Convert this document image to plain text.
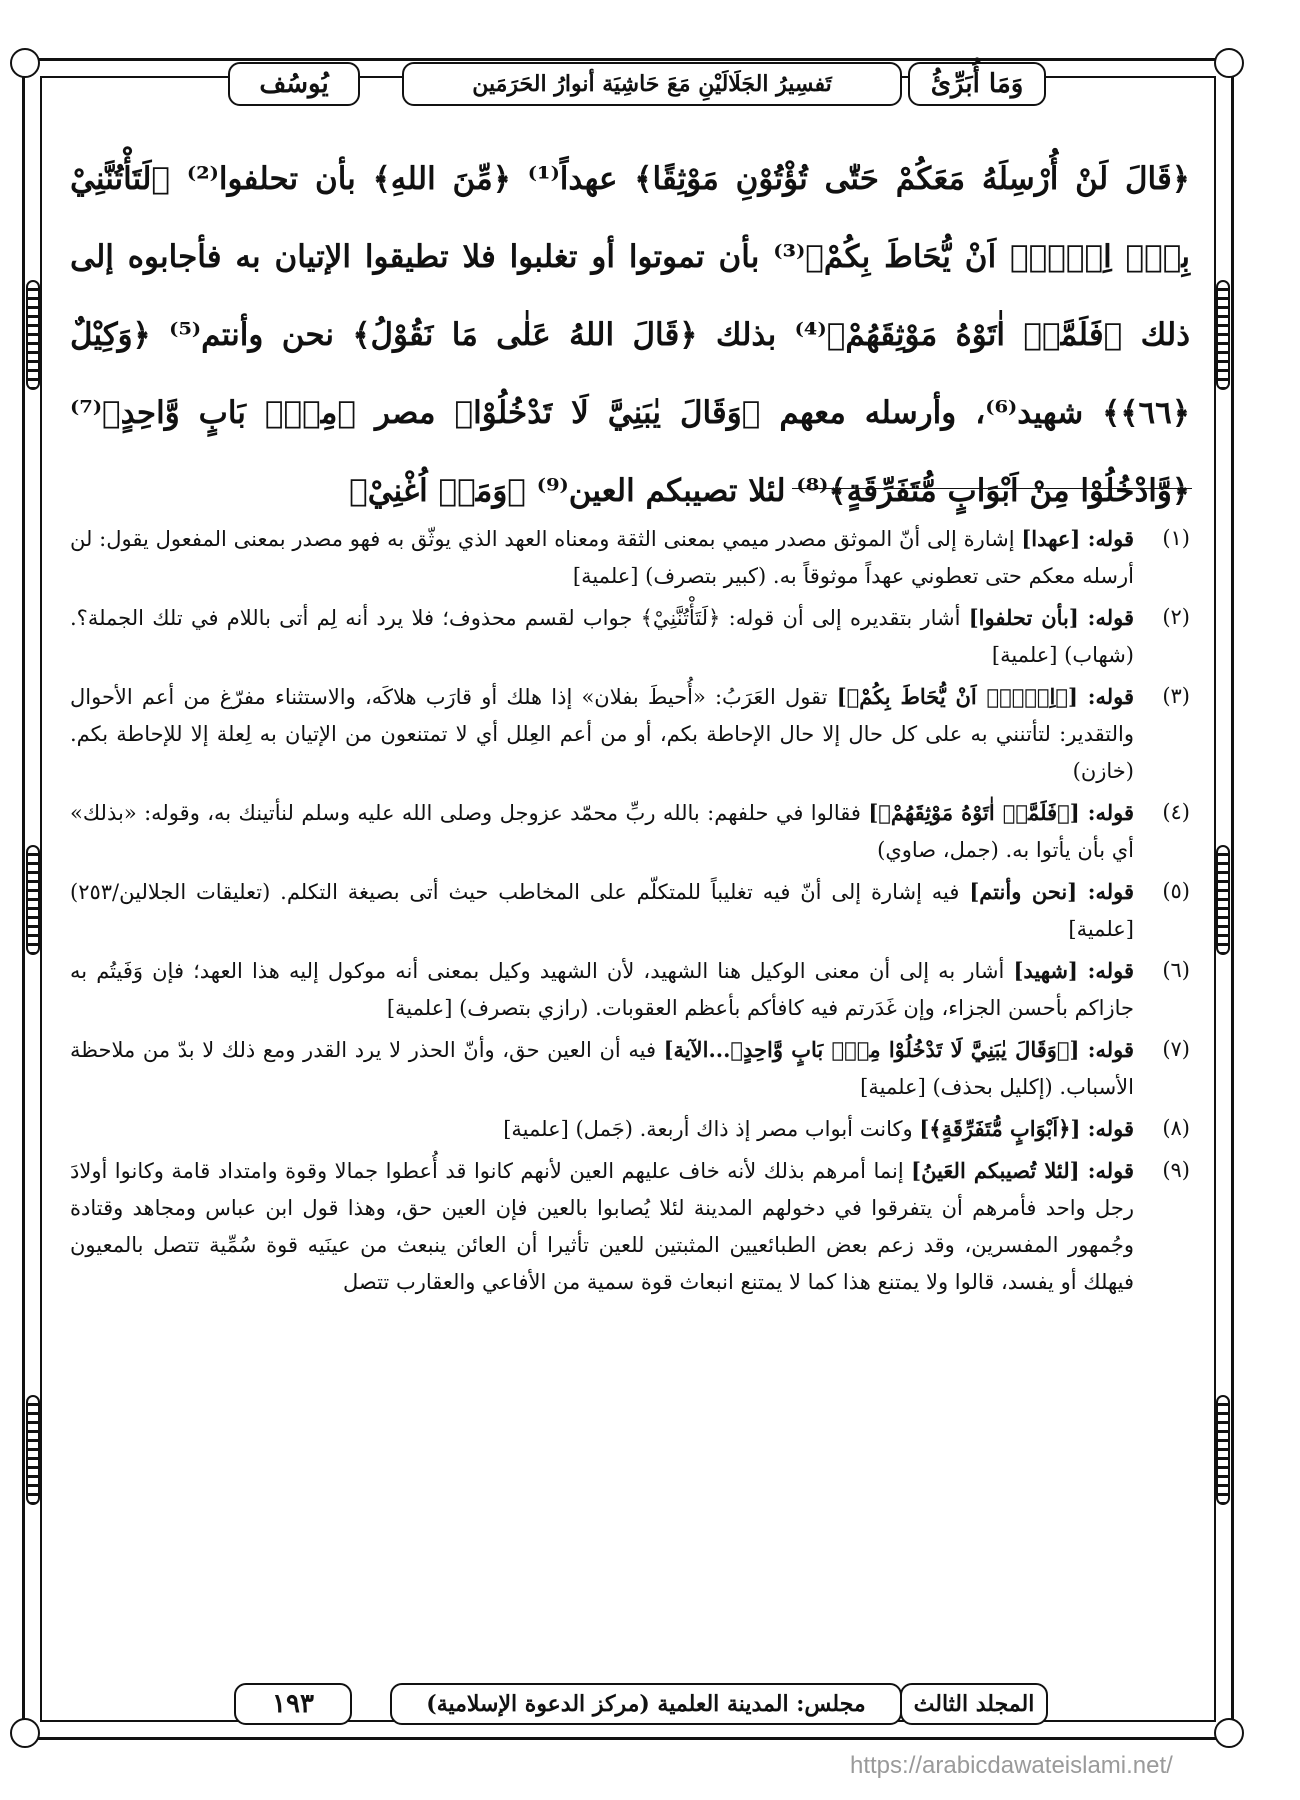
يُوسُف	تَفسِيرُ الجَلَالَيْنِ مَعَ حَاشِيَة أنوارُ الحَرَمَين	وَمَا أُبَرِّئُ
﴿قَالَ لَنْ أُرْسِلَهُ مَعَكُمْ حَتّٰى تُؤْتُوْنِ مَوْثِقًا﴾ عهداً⁽¹⁾ ﴿مِّنَ اللهِ﴾ بأن تحلفوا⁽²⁾ ﴿لَتَأْتُنَّنِيْ بِهٖۤ اِلَّاۤ اَنْ يُّحَاطَ بِكُمْ﴾⁽³⁾ بأن تموتوا أو تغلبوا فلا تطيقوا الإتيان به فأجابوه إلى ذلك ﴿فَلَمَّاۤ اٰتَوْهُ مَوْثِقَهُمْ﴾⁽⁴⁾ بذلك ﴿قَالَ اللهُ عَلٰى مَا نَقُوْلُ﴾ نحن وأنتم⁽⁵⁾ ﴿وَكِيْلٌ ﴿٦٦﴾﴾ شهيد⁽⁶⁾، وأرسله معهم ﴿وَقَالَ يٰبَنِيَّ لَا تَدْخُلُوْا﴾ مصر ﴿مِنْۢ بَابٍ وَّاحِدٍ﴾⁽⁷⁾ ﴿وَّادْخُلُوْا مِنْ اَبْوَابٍ مُّتَفَرِّقَةٍ﴾⁽⁸⁾ لئلا تصيبكم العين⁽⁹⁾ ﴿وَمَاۤ اُغْنِيْ﴾
(١)
قوله: [عهدا] إشارة إلى أنّ الموثق مصدر ميمي بمعنى الثقة ومعناه العهد الذي يوثّق به فهو مصدر بمعنى المفعول يقول: لن أرسله معكم حتى تعطوني عهداً موثوقاً به. (كبير بتصرف) [علمية]
(٢)
قوله: [بأن تحلفوا] أشار بتقديره إلى أن قوله: ﴿لَتَأْتُنَّنِيْ﴾ جواب لقسم محذوف؛ فلا يرد أنه لِم أتى باللام في تلك الجملة؟. (شهاب) [علمية]
(٣)
قوله: [﴿اِلَّاۤ اَنْ يُّحَاطَ بِكُمْ﴾] تقول العَرَبُ: «أُحيطَ بفلان» إذا هلك أو قارَب هلاكَه، والاستثناء مفرّغ من أعم الأحوال والتقدير: لتأتنني به على كل حال إلا حال الإحاطة بكم، أو من أعم العِلل أي لا تمتنعون من الإتيان به لِعلة إلا للإحاطة بكم. (خازن)
(٤)
قوله: [﴿فَلَمَّاۤ اٰتَوْهُ مَوْثِقَهُمْ﴾] فقالوا في حلفهم: بالله ربِّ محمّد عزوجل وصلى الله عليه وسلم لنأتينك به، وقوله: «بذلك» أي بأن يأتوا به. (جمل، صاوي)
(٥)
قوله: [نحن وأنتم] فيه إشارة إلى أنّ فيه تغليباً للمتكلّم على المخاطب حيث أتى بصيغة التكلم. (تعليقات الجلالين/٢٥٣) [علمية]
(٦)
قوله: [شهيد] أشار به إلى أن معنى الوكيل هنا الشهيد، لأن الشهيد وكيل بمعنى أنه موكول إليه هذا العهد؛ فإن وَفَيتُم به جازاكم بأحسن الجزاء، وإن غَدَرتم فيه كافأكم بأعظم العقوبات. (رازي بتصرف) [علمية]
(٧)
قوله: [﴿وَقَالَ يٰبَنِيَّ لَا تَدْخُلُوْا مِنْۢ بَابٍ وَّاحِدٍ﴾...الآية] فيه أن العين حق، وأنّ الحذر لا يرد القدر ومع ذلك لا بدّ من ملاحظة الأسباب. (إكليل بحذف) [علمية]
(٨)
قوله: [﴿اَبْوَابٍ مُّتَفَرِّقَةٍ﴾] وكانت أبواب مصر إذ ذاك أربعة. (جَمل) [علمية]
(٩)
قوله: [لئلا تُصيبكم العَينُ] إنما أمرهم بذلك لأنه خاف عليهم العين لأنهم كانوا قد أُعطوا جمالا وقوة وامتداد قامة وكانوا أولادَ رجل واحد فأمرهم أن يتفرقوا في دخولهم المدينة لئلا يُصابوا بالعين فإن العين حق، وهذا قول ابن عباس ومجاهد وقتادة وجُمهور المفسرين، وقد زعم بعض الطبائعيين المثبتين للعين تأثيرا أن العائن ينبعث من عينَيه قوة سُمِّية تتصل بالمعيون فيهلك أو يفسد، قالوا ولا يمتنع هذا كما لا يمتنع انبعاث قوة سمية من الأفاعي والعقارب تتصل
١٩٣	مجلس: المدينة العلمية (مركز الدعوة الإسلامية) المجلد الثالث
https://arabicdawateislami.net/
